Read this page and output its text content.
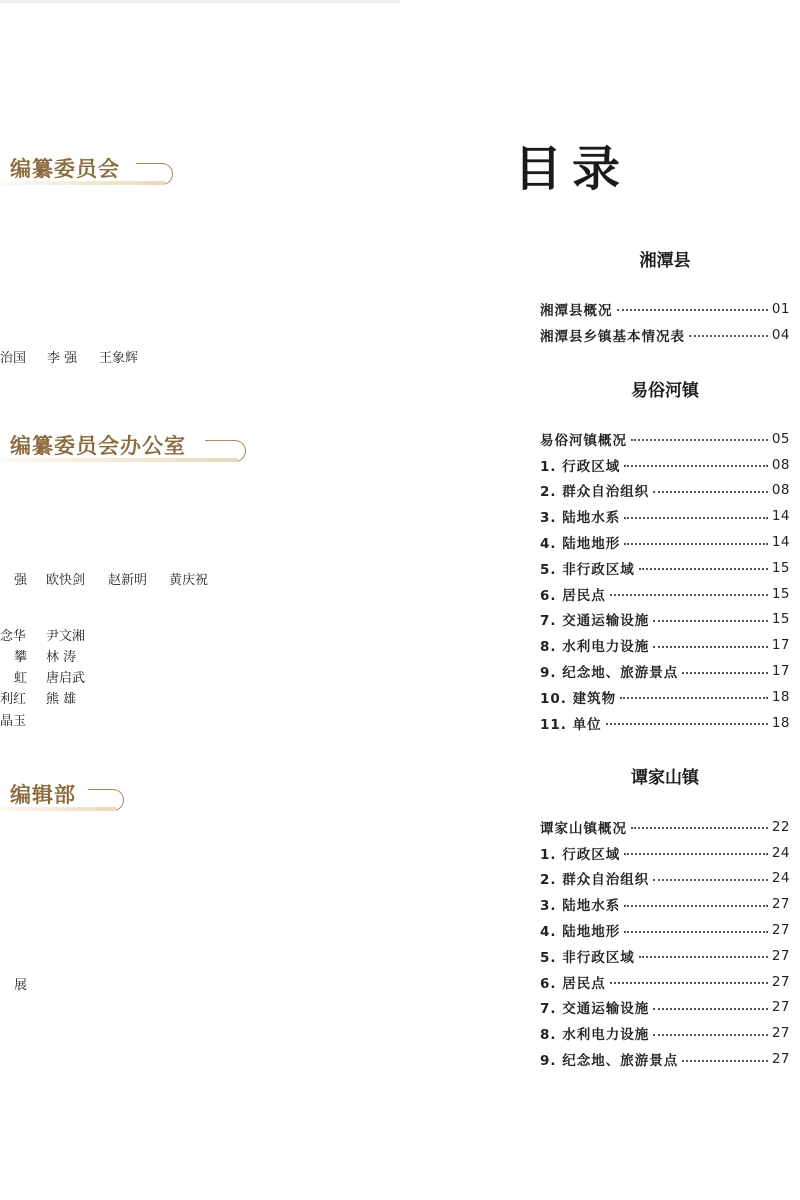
编纂委员会
治国 李 强 王象辉
编纂委员会办公室
强 欧快剑 赵新明 黄庆祝
念华 尹文湘
攀 林 涛
虹 唐启武
利红 熊 雄
晶玉
编辑部
展
目录
湘潭县
湘潭县概况	01
湘潭县乡镇基本情况表	04
易俗河镇
易俗河镇概况	05
1. 行政区域	08
2. 群众自治组织	08
3. 陆地水系	14
4. 陆地地形	14
5. 非行政区域	15
6. 居民点	15
7. 交通运输设施	15
8. 水利电力设施	17
9. 纪念地、旅游景点	17
10. 建筑物	18
11. 单位	18
谭家山镇
谭家山镇概况	22
1. 行政区域	24
2. 群众自治组织	24
3. 陆地水系	27
4. 陆地地形	27
5. 非行政区域	27
6. 居民点	27
7. 交通运输设施	27
8. 水利电力设施	27
9. 纪念地、旅游景点	27
